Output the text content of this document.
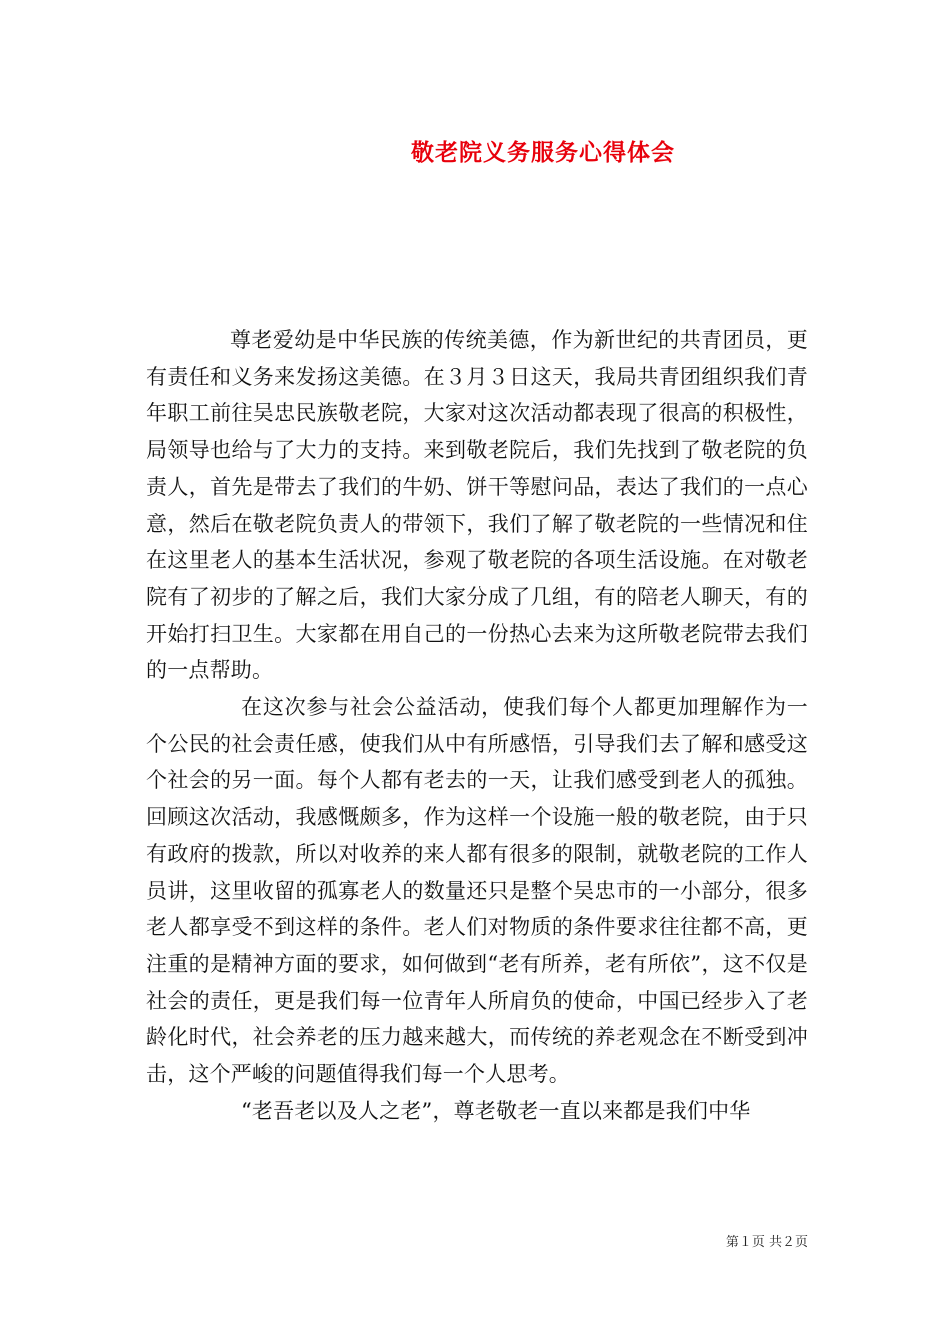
敬老院义务服务心得体会

尊老爱幼是中华民族的传统美德，作为新世纪的共青团员，更有责任和义务来发扬这美德。在３月３日这天，我局共青团组织我们青年职工前往吴忠民族敬老院，大家对这次活动都表现了很高的积极性，局领导也给与了大力的支持。来到敬老院后，我们先找到了敬老院的负责人，首先是带去了我们的牛奶、饼干等慰问品，表达了我们的一点心意，然后在敬老院负责人的带领下，我们了解了敬老院的一些情况和住在这里老人的基本生活状况，参观了敬老院的各项生活设施。在对敬老院有了初步的了解之后，我们大家分成了几组，有的陪老人聊天，有的开始打扫卫生。大家都在用自己的一份热心去来为这所敬老院带去我们的一点帮助。

在这次参与社会公益活动，使我们每个人都更加理解作为一个公民的社会责任感，使我们从中有所感悟，引导我们去了解和感受这个社会的另一面。每个人都有老去的一天，让我们感受到老人的孤独。回顾这次活动，我感慨颇多，作为这样一个设施一般的敬老院，由于只有政府的拨款，所以对收养的来人都有很多的限制，就敬老院的工作人员讲，这里收留的孤寡老人的数量还只是整个吴忠市的一小部分，很多老人都享受不到这样的条件。老人们对物质的条件要求往往都不高，更注重的是精神方面的要求，如何做到“老有所养，老有所依”，这不仅是社会的责任，更是我们每一位青年人所肩负的使命，中国已经步入了老龄化时代，社会养老的压力越来越大，而传统的养老观念在不断受到冲击，这个严峻的问题值得我们每一个人思考。

“老吾老以及人之老”，尊老敬老一直以来都是我们中华

第１页 共２页
